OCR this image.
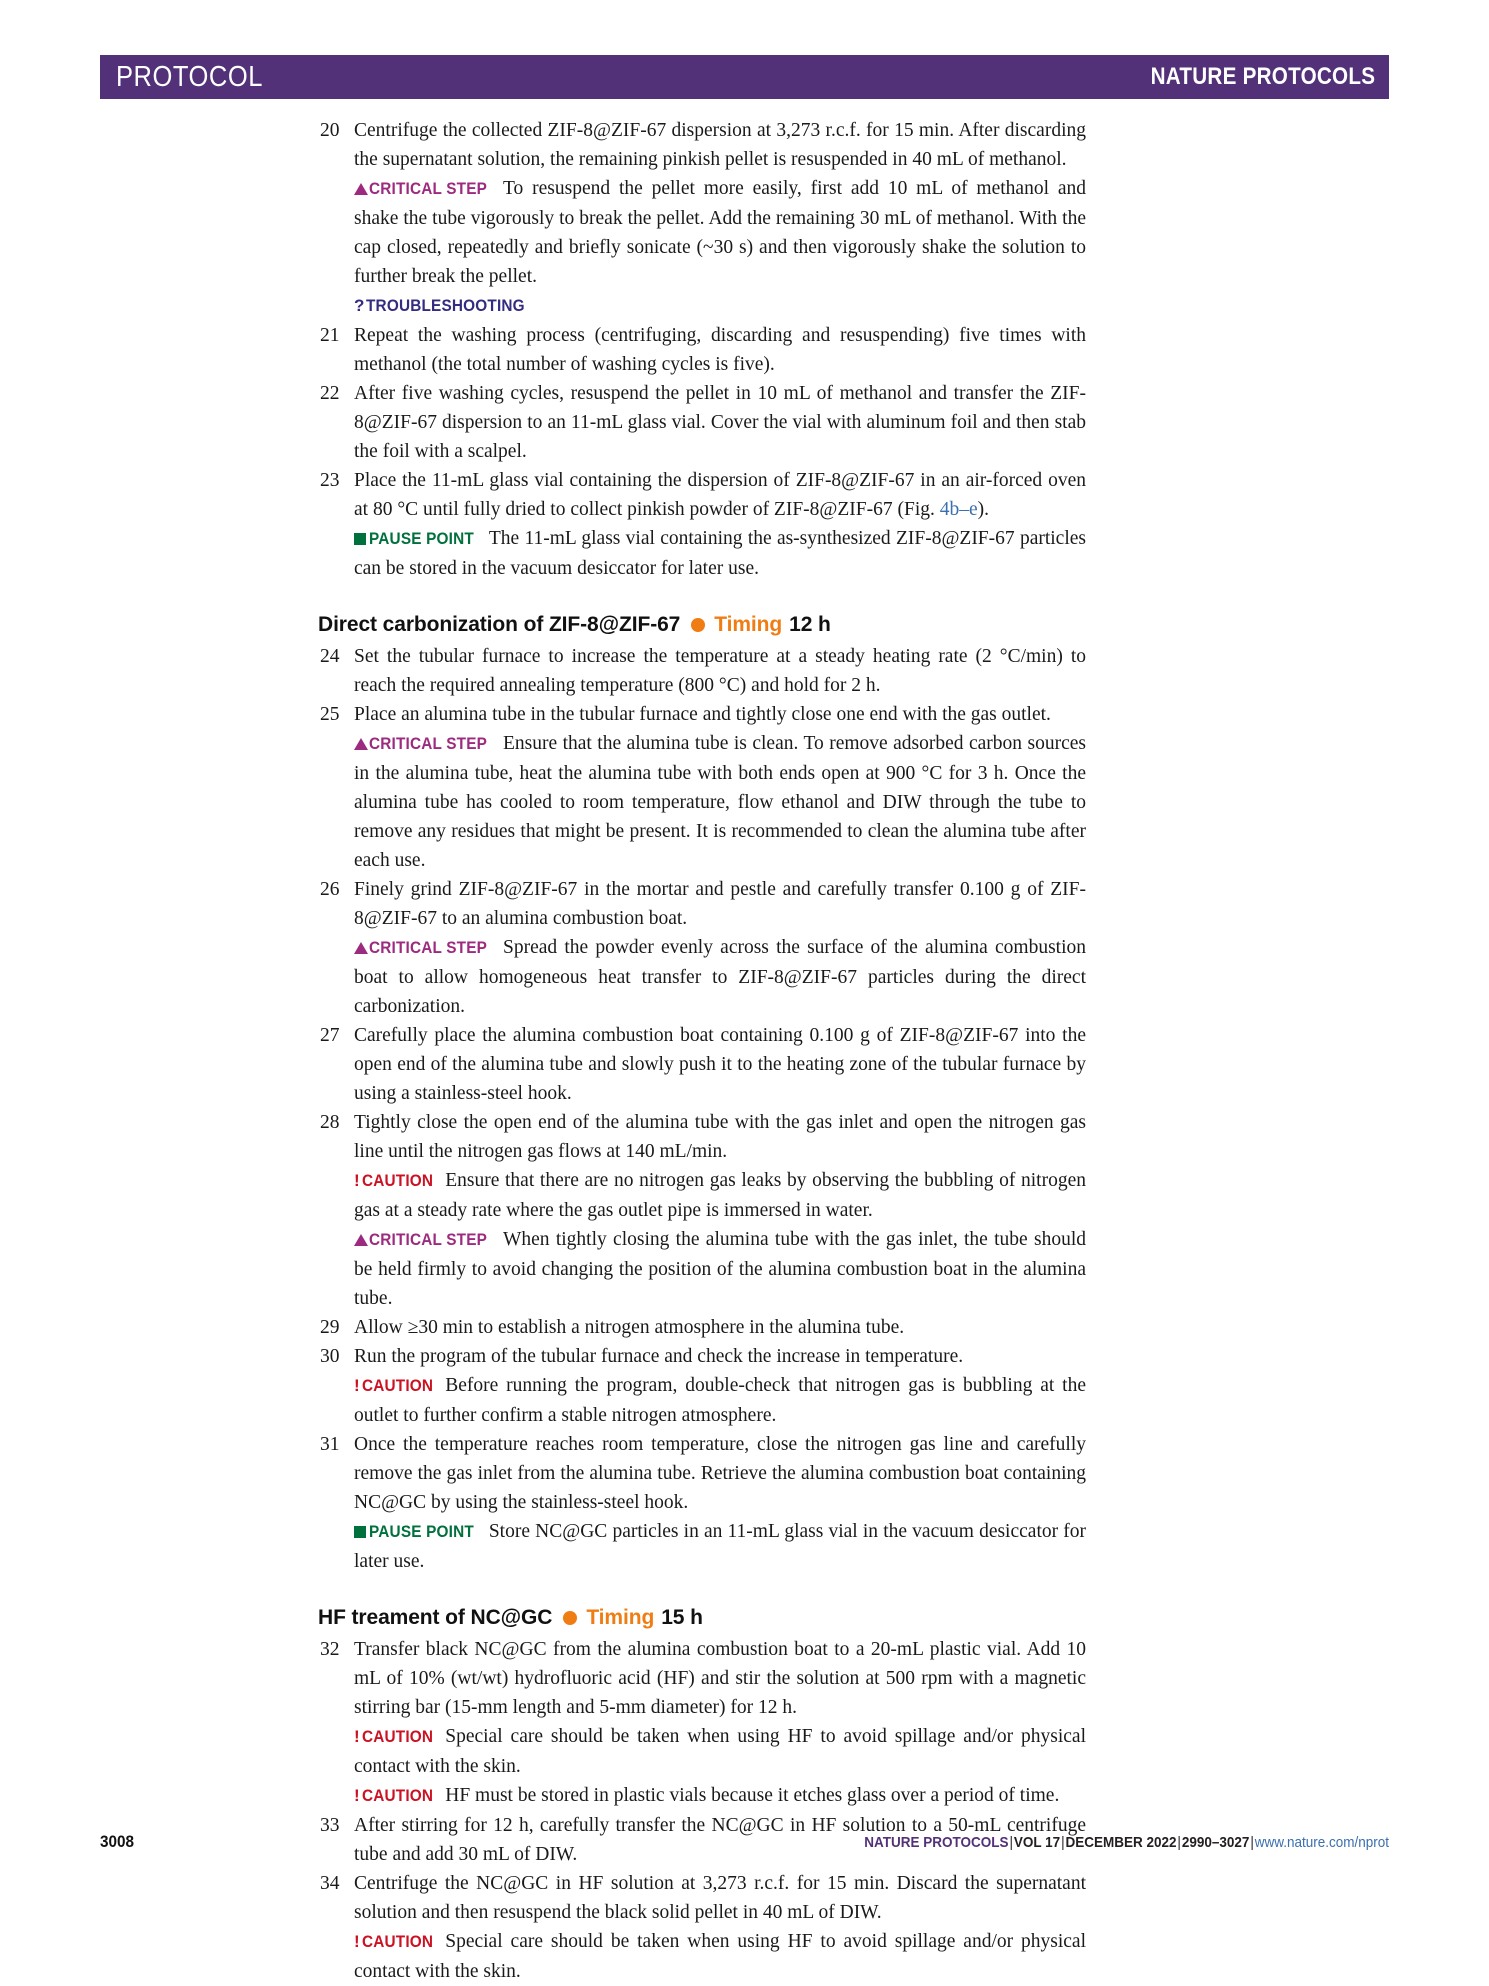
PROTOCOL	NATURE PROTOCOLS
20 Centrifuge the collected ZIF-8@ZIF-67 dispersion at 3,273 r.c.f. for 15 min. After discarding the supernatant solution, the remaining pinkish pellet is resuspended in 40 mL of methanol.

CRITICAL STEP To resuspend the pellet more easily, first add 10 mL of methanol and shake the tube vigorously to break the pellet. Add the remaining 30 mL of methanol. With the cap closed, repeatedly and briefly sonicate (~30 s) and then vigorously shake the solution to further break the pellet.

? TROUBLESHOOTING

21 Repeat the washing process (centrifuging, discarding and resuspending) five times with methanol (the total number of washing cycles is five).

22 After five washing cycles, resuspend the pellet in 10 mL of methanol and transfer the ZIF-8@ZIF-67 dispersion to an 11-mL glass vial. Cover the vial with aluminum foil and then stab the foil with a scalpel.

23 Place the 11-mL glass vial containing the dispersion of ZIF-8@ZIF-67 in an air-forced oven at 80 °C until fully dried to collect pinkish powder of ZIF-8@ZIF-67 (Fig. 4b–e).

PAUSE POINT The 11-mL glass vial containing the as-synthesized ZIF-8@ZIF-67 particles can be stored in the vacuum desiccator for later use.

Direct carbonization of ZIF-8@ZIF-67 Timing 12 h
24 Set the tubular furnace to increase the temperature at a steady heating rate (2 °C/min) to reach the required annealing temperature (800 °C) and hold for 2 h.

25 Place an alumina tube in the tubular furnace and tightly close one end with the gas outlet.

CRITICAL STEP Ensure that the alumina tube is clean. To remove adsorbed carbon sources in the alumina tube, heat the alumina tube with both ends open at 900 °C for 3 h. Once the alumina tube has cooled to room temperature, flow ethanol and DIW through the tube to remove any residues that might be present. It is recommended to clean the alumina tube after each use.

26 Finely grind ZIF-8@ZIF-67 in the mortar and pestle and carefully transfer 0.100 g of ZIF-8@ZIF-67 to an alumina combustion boat.

CRITICAL STEP Spread the powder evenly across the surface of the alumina combustion boat to allow homogeneous heat transfer to ZIF-8@ZIF-67 particles during the direct carbonization.

27 Carefully place the alumina combustion boat containing 0.100 g of ZIF-8@ZIF-67 into the open end of the alumina tube and slowly push it to the heating zone of the tubular furnace by using a stainless-steel hook.

28 Tightly close the open end of the alumina tube with the gas inlet and open the nitrogen gas line until the nitrogen gas flows at 140 mL/min.

! CAUTION Ensure that there are no nitrogen gas leaks by observing the bubbling of nitrogen gas at a steady rate where the gas outlet pipe is immersed in water.

CRITICAL STEP When tightly closing the alumina tube with the gas inlet, the tube should be held firmly to avoid changing the position of the alumina combustion boat in the alumina tube.

29 Allow ≥30 min to establish a nitrogen atmosphere in the alumina tube.

30 Run the program of the tubular furnace and check the increase in temperature.

! CAUTION Before running the program, double-check that nitrogen gas is bubbling at the outlet to further confirm a stable nitrogen atmosphere.

31 Once the temperature reaches room temperature, close the nitrogen gas line and carefully remove the gas inlet from the alumina tube. Retrieve the alumina combustion boat containing NC@GC by using the stainless-steel hook.

PAUSE POINT Store NC@GC particles in an 11-mL glass vial in the vacuum desiccator for later use.

HF treament of NC@GC Timing 15 h
32 Transfer black NC@GC from the alumina combustion boat to a 20-mL plastic vial. Add 10 mL of 10% (wt/wt) hydrofluoric acid (HF) and stir the solution at 500 rpm with a magnetic stirring bar (15-mm length and 5-mm diameter) for 12 h.

! CAUTION Special care should be taken when using HF to avoid spillage and/or physical contact with the skin.

! CAUTION HF must be stored in plastic vials because it etches glass over a period of time.

33 After stirring for 12 h, carefully transfer the NC@GC in HF solution to a 50-mL centrifuge tube and add 30 mL of DIW.

34 Centrifuge the NC@GC in HF solution at 3,273 r.c.f. for 15 min. Discard the supernatant solution and then resuspend the black solid pellet in 40 mL of DIW.

! CAUTION Special care should be taken when using HF to avoid spillage and/or physical contact with the skin.

3008	NATURE PROTOCOLS|VOL 17|DECEMBER 2022|2990–3027|www.nature.com/nprot
